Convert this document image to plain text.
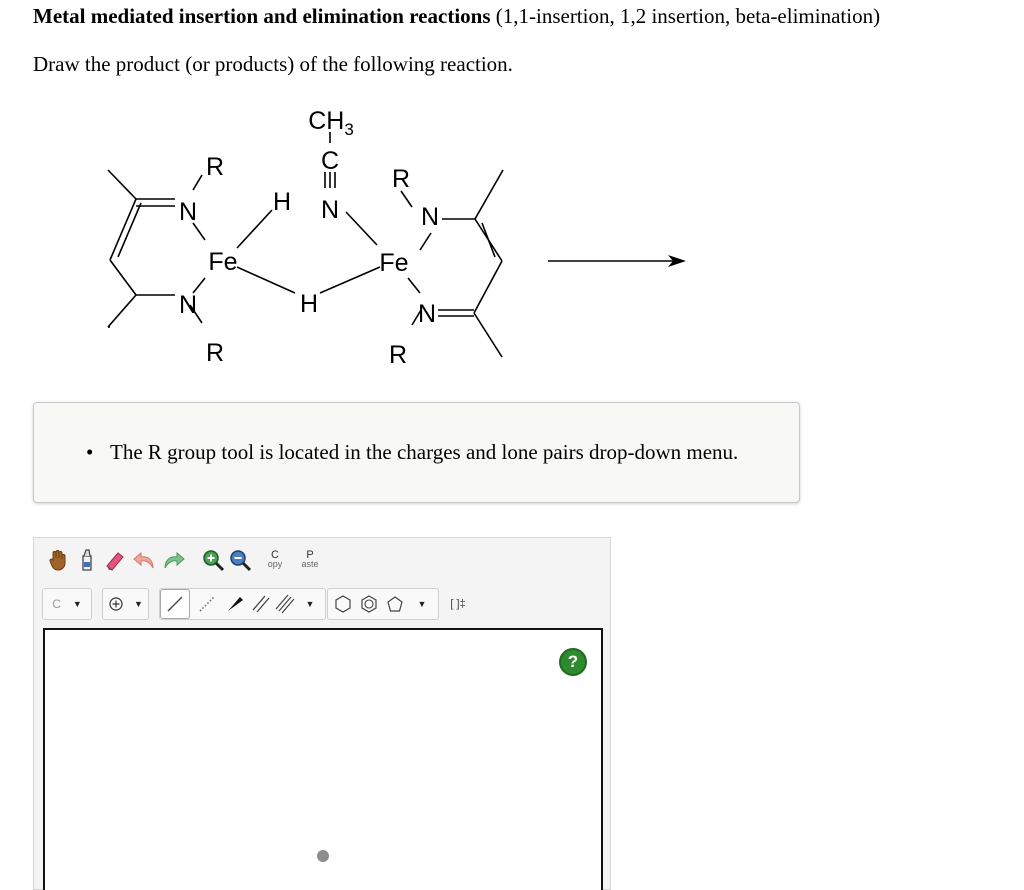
Metal mediated insertion and elimination reactions (1,1-insertion, 1,2 insertion, beta-elimination)
Draw the product (or products) of the following reaction.
$CH_3$
C
N
R
R
R
R
N
N
N
N
Fe	Fe
H
H
• The R group tool is located in the charges and lone pairs drop-down menu.
C
opy
P
aste
C ▼	▼	▼	▼ [ ]‡
?
